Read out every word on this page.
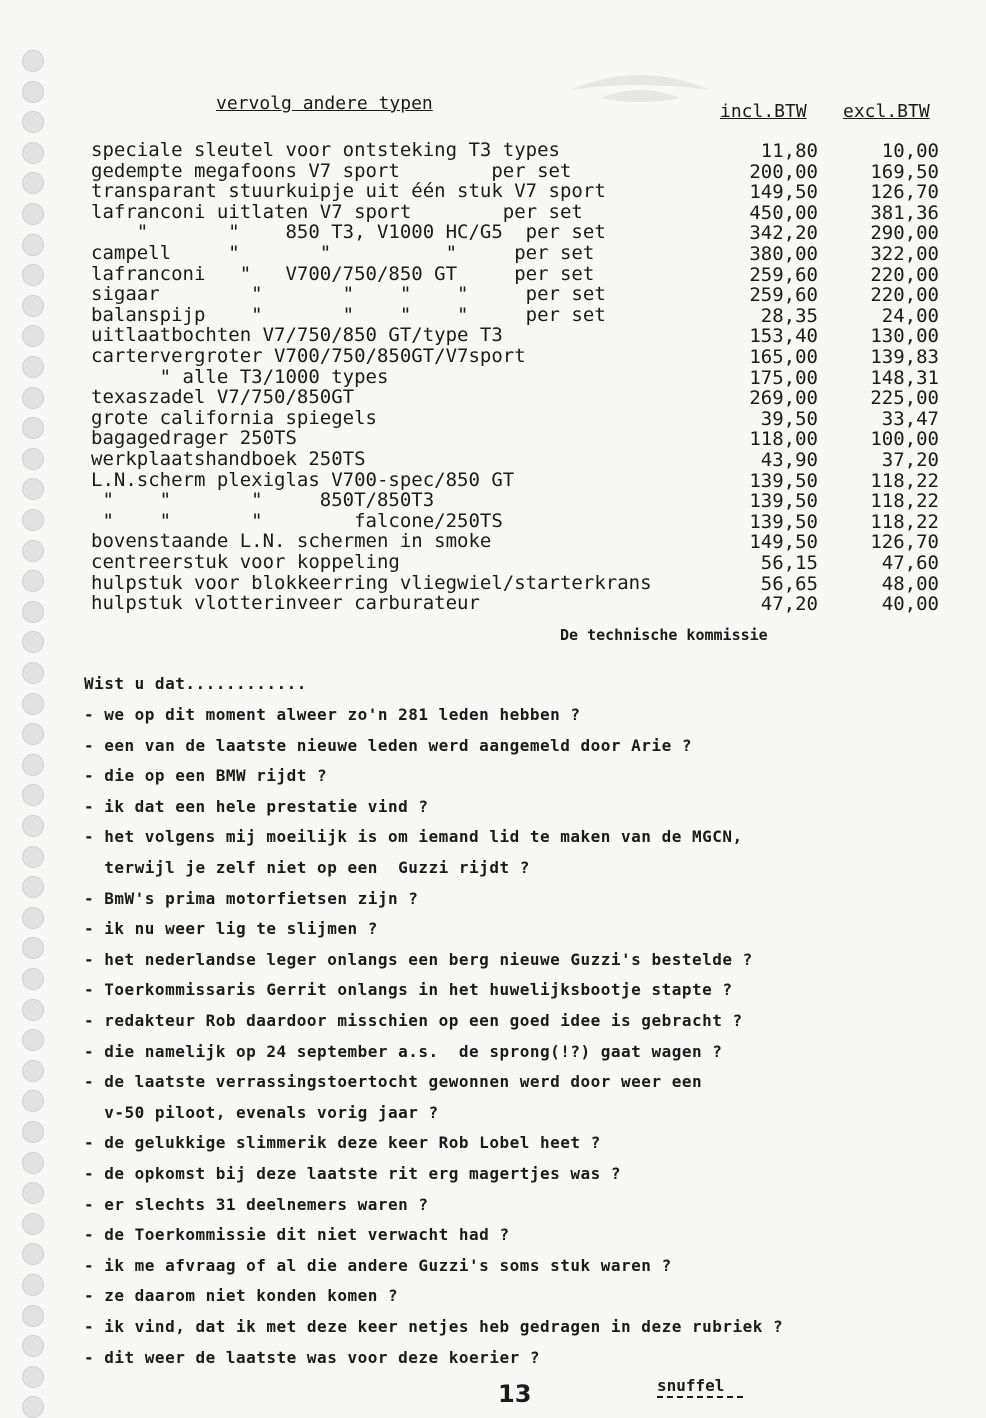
vervolg andere typen	incl.BTW excl.BTW
speciale sleutel voor ontsteking T3 types	11,80	10,00
gedempte megafoons V7 sport        per set	200,00	169,50
transparant stuurkuipje uit één stuk V7 sport	149,50	126,70
lafranconi uitlaten V7 sport        per set	450,00	381,36
"       "    850 T3, V1000 HC/G5  per set	342,20	290,00
campell     "       "          "     per set	380,00	322,00
lafranconi   "   V700/750/850 GT     per set	259,60	220,00
sigaar        "       "    "    "     per set	259,60	220,00
balanspijp    "       "    "    "     per set	28,35	24,00
uitlaatbochten V7/750/850 GT/type T3	153,40	130,00
cartervergroter V700/750/850GT/V7sport	165,00	139,83
" alle T3/1000 types	175,00	148,31
texaszadel V7/750/850GT	269,00	225,00
grote california spiegels	39,50	33,47
bagagedrager 250TS	118,00	100,00
werkplaatshandboek 250TS	43,90	37,20
L.N.scherm plexiglas V700-spec/850 GT	139,50	118,22
"    "       "     850T/850T3	139,50	118,22
"    "       "        falcone/250TS	139,50	118,22
bovenstaande L.N. schermen in smoke	149,50	126,70
centreerstuk voor koppeling	56,15	47,60
hulpstuk voor blokkeerring vliegwiel/starterkrans	56,65	48,00
hulpstuk vlotterinveer carburateur	47,20	40,00
De technische kommissie
Wist u dat............
- we op dit moment alweer zo'n 281 leden hebben ?
- een van de laatste nieuwe leden werd aangemeld door Arie ?
- die op een BMW rijdt ?
- ik dat een hele prestatie vind ?
- het volgens mij moeilijk is om iemand lid te maken van de MGCN,
terwijl je zelf niet op een  Guzzi rijdt ?
- BmW's prima motorfietsen zijn ?
- ik nu weer lig te slijmen ?
- het nederlandse leger onlangs een berg nieuwe Guzzi's bestelde ?
- Toerkommissaris Gerrit onlangs in het huwelijksbootje stapte ?
- redakteur Rob daardoor misschien op een goed idee is gebracht ?
- die namelijk op 24 september a.s.  de sprong(!?) gaat wagen ?
- de laatste verrassingstoertocht gewonnen werd door weer een
v-50 piloot, evenals vorig jaar ?
- de gelukkige slimmerik deze keer Rob Lobel heet ?
- de opkomst bij deze laatste rit erg magertjes was ?
- er slechts 31 deelnemers waren ?
- de Toerkommissie dit niet verwacht had ?
- ik me afvraag of al die andere Guzzi's soms stuk waren ?
- ze daarom niet konden komen ?
- ik vind, dat ik met deze keer netjes heb gedragen in deze rubriek ?
- dit weer de laatste was voor deze koerier ?
13	snuffel
